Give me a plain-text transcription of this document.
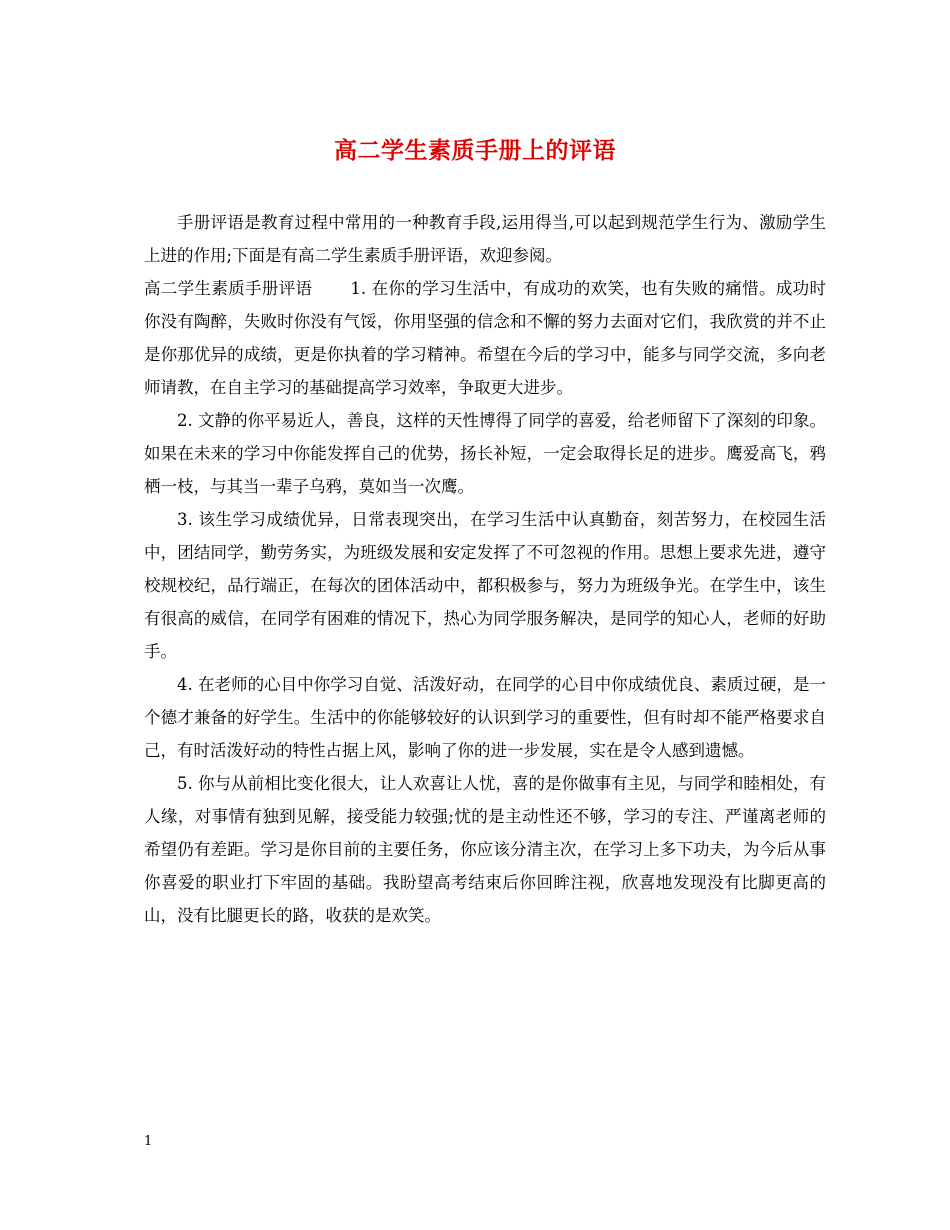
高二学生素质手册上的评语

手册评语是教育过程中常用的一种教育手段,运用得当,可以起到规范学生行为、激励学生上进的作用;下面是有高二学生素质手册评语，欢迎参阅。

高二学生素质手册评语 1. 在你的学习生活中，有成功的欢笑，也有失败的痛惜。成功时你没有陶醉，失败时你没有气馁，你用坚强的信念和不懈的努力去面对它们，我欣赏的并不止是你那优异的成绩，更是你执着的学习精神。希望在今后的学习中，能多与同学交流，多向老师请教，在自主学习的基础提高学习效率，争取更大进步。

2. 文静的你平易近人，善良，这样的天性博得了同学的喜爱，给老师留下了深刻的印象。如果在未来的学习中你能发挥自己的优势，扬长补短，一定会取得长足的进步。鹰爱高飞，鸦栖一枝，与其当一辈子乌鸦，莫如当一次鹰。

3. 该生学习成绩优异，日常表现突出，在学习生活中认真勤奋，刻苦努力，在校园生活中，团结同学，勤劳务实，为班级发展和安定发挥了不可忽视的作用。思想上要求先进，遵守校规校纪，品行端正，在每次的团体活动中，都积极参与，努力为班级争光。在学生中，该生有很高的威信，在同学有困难的情况下，热心为同学服务解决，是同学的知心人，老师的好助手。

4. 在老师的心目中你学习自觉、活泼好动，在同学的心目中你成绩优良、素质过硬，是一个德才兼备的好学生。生活中的你能够较好的认识到学习的重要性，但有时却不能严格要求自己，有时活泼好动的特性占据上风，影响了你的进一步发展，实在是令人感到遗憾。

5. 你与从前相比变化很大，让人欢喜让人忧，喜的是你做事有主见，与同学和睦相处，有人缘，对事情有独到见解，接受能力较强;忧的是主动性还不够，学习的专注、严谨离老师的希望仍有差距。学习是你目前的主要任务，你应该分清主次，在学习上多下功夫，为今后从事你喜爱的职业打下牢固的基础。我盼望高考结束后你回眸注视，欣喜地发现没有比脚更高的山，没有比腿更长的路，收获的是欢笑。

1
